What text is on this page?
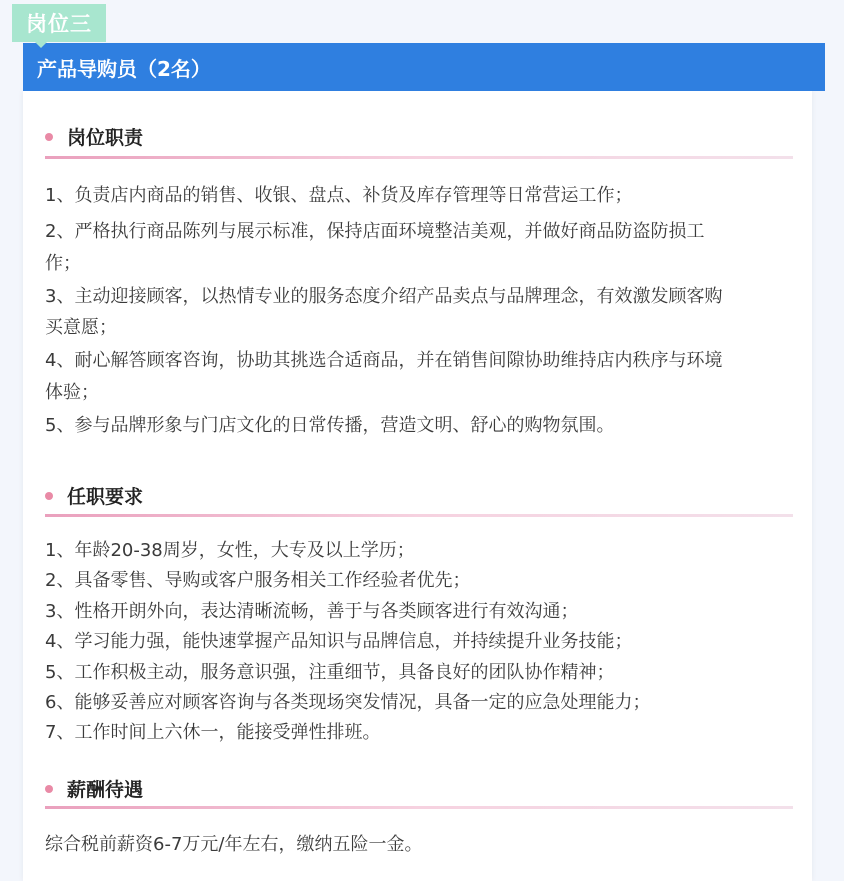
岗位三
产品导购员（2名）
岗位职责
1、负责店内商品的销售、收银、盘点、补货及库存管理等日常营运工作；
2、严格执行商品陈列与展示标准，保持店面环境整洁美观，并做好商品防盗防损工
作；
3、主动迎接顾客，以热情专业的服务态度介绍产品卖点与品牌理念，有效激发顾客购
买意愿；
4、耐心解答顾客咨询，协助其挑选合适商品，并在销售间隙协助维持店内秩序与环境
体验；
5、参与品牌形象与门店文化的日常传播，营造文明、舒心的购物氛围。
任职要求
1、年龄20-38周岁，女性，大专及以上学历；
2、具备零售、导购或客户服务相关工作经验者优先；
3、性格开朗外向，表达清晰流畅，善于与各类顾客进行有效沟通；
4、学习能力强，能快速掌握产品知识与品牌信息，并持续提升业务技能；
5、工作积极主动，服务意识强，注重细节，具备良好的团队协作精神；
6、能够妥善应对顾客咨询与各类现场突发情况，具备一定的应急处理能力；
7、工作时间上六休一，能接受弹性排班。
薪酬待遇
综合税前薪资6-7万元/年左右，缴纳五险一金。
